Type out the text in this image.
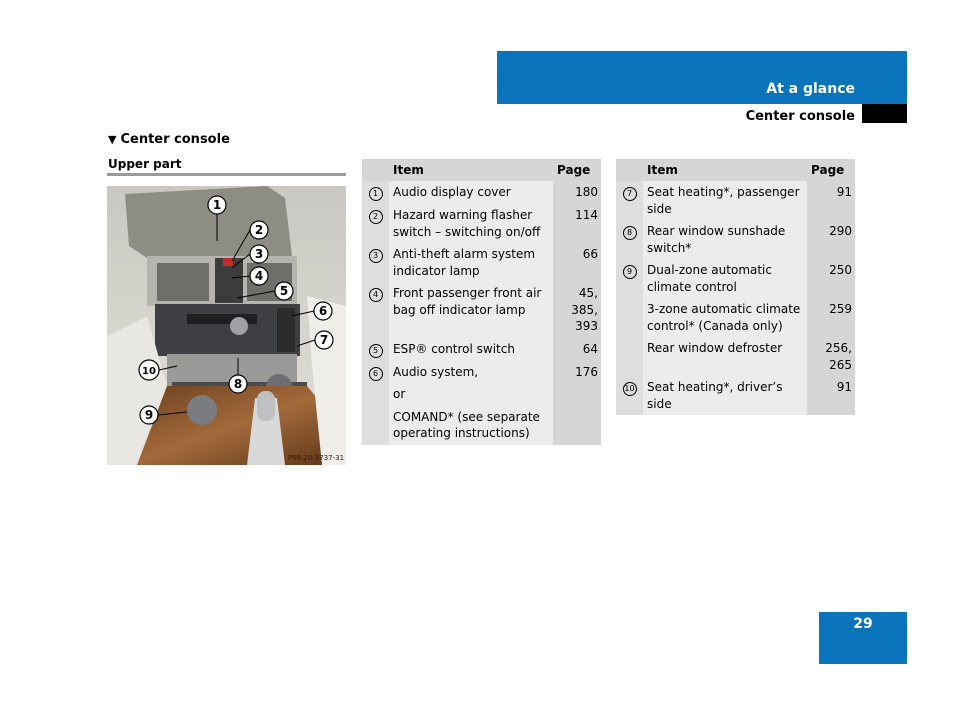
At a glance
Center console
▼ Center console
Upper part
1
2
3
4
5
6
7
10
8
9
P68.20-3737-31
	Item	Page
1	Audio display cover	180
2	Hazard warning flasher switch – switching on/off	114
3	Anti-theft alarm system indicator lamp	66
4	Front passenger front air bag off indicator lamp	45, 385, 393
5	ESP® control switch	64
6	Audio system,
or
COMAND* (see separate operating instructions)	176
	Item	Page
7	Seat heating*, passenger side	91
8	Rear window sunshade switch*	290
9	Dual-zone automatic climate control	250
	3-zone automatic climate control* (Canada only)	259
	Rear window defroster	256, 265
10	Seat heating*, driver’s side	91
29
